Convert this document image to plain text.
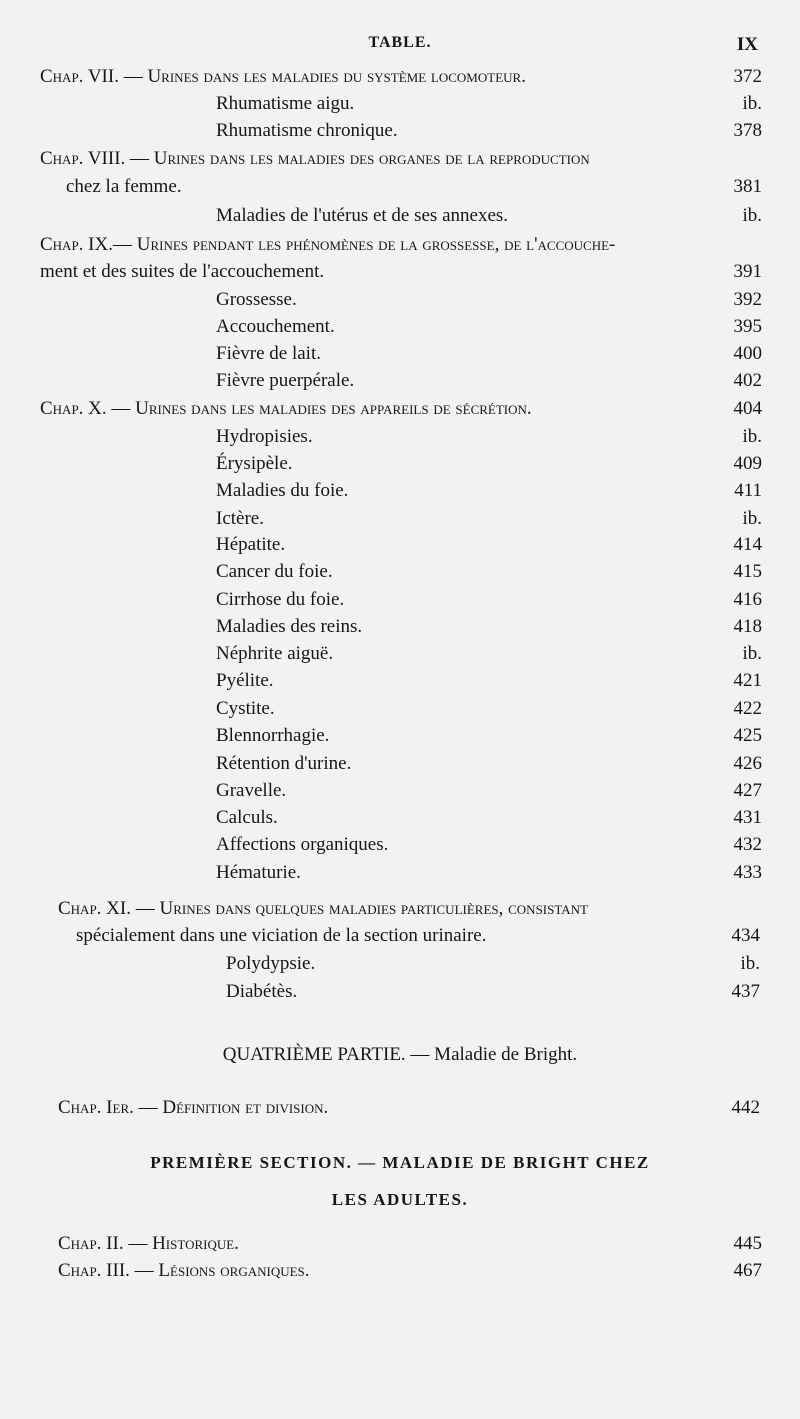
TABLE.	IX
Chap. VII. — Urines dans les maladies du système locomoteur.	372
Rhumatisme aigu.	ib.
Rhumatisme chronique.	378
Chap. VIII. — Urines dans les maladies des organes de la reproduction
chez la femme.	381
Maladies de l'utérus et de ses annexes.	ib.
Chap. IX.— Urines pendant les phénomènes de la grossesse, de l'accouche-
ment et des suites de l'accouchement.	391
Grossesse.	392
Accouchement.	395
Fièvre de lait.	400
Fièvre puerpérale.	402
Chap. X. — Urines dans les maladies des appareils de sécrétion.	404
Hydropisies.	ib.
Érysipèle.	409
Maladies du foie.	411
Ictère.	ib.
Hépatite.	414
Cancer du foie.	415
Cirrhose du foie.	416
Maladies des reins.	418
Néphrite aiguë.	ib.
Pyélite.	421
Cystite.	422
Blennorrhagie.	425
Rétention d'urine.	426
Gravelle.	427
Calculs.	431
Affections organiques.	432
Hématurie.	433
Chap. XI. — Urines dans quelques maladies particulières, consistant
spécialement dans une viciation de la section urinaire.	434
Polydypsie.	ib.
Diabétès.	437
QUATRIÈME PARTIE. — Maladie de Bright.
Chap. Ier. — Définition et division.	442
PREMIÈRE SECTION. — MALADIE DE BRIGHT CHEZ
LES ADULTES.
Chap. II. — Historique.	445
Chap. III. — Lésions organiques.	467
